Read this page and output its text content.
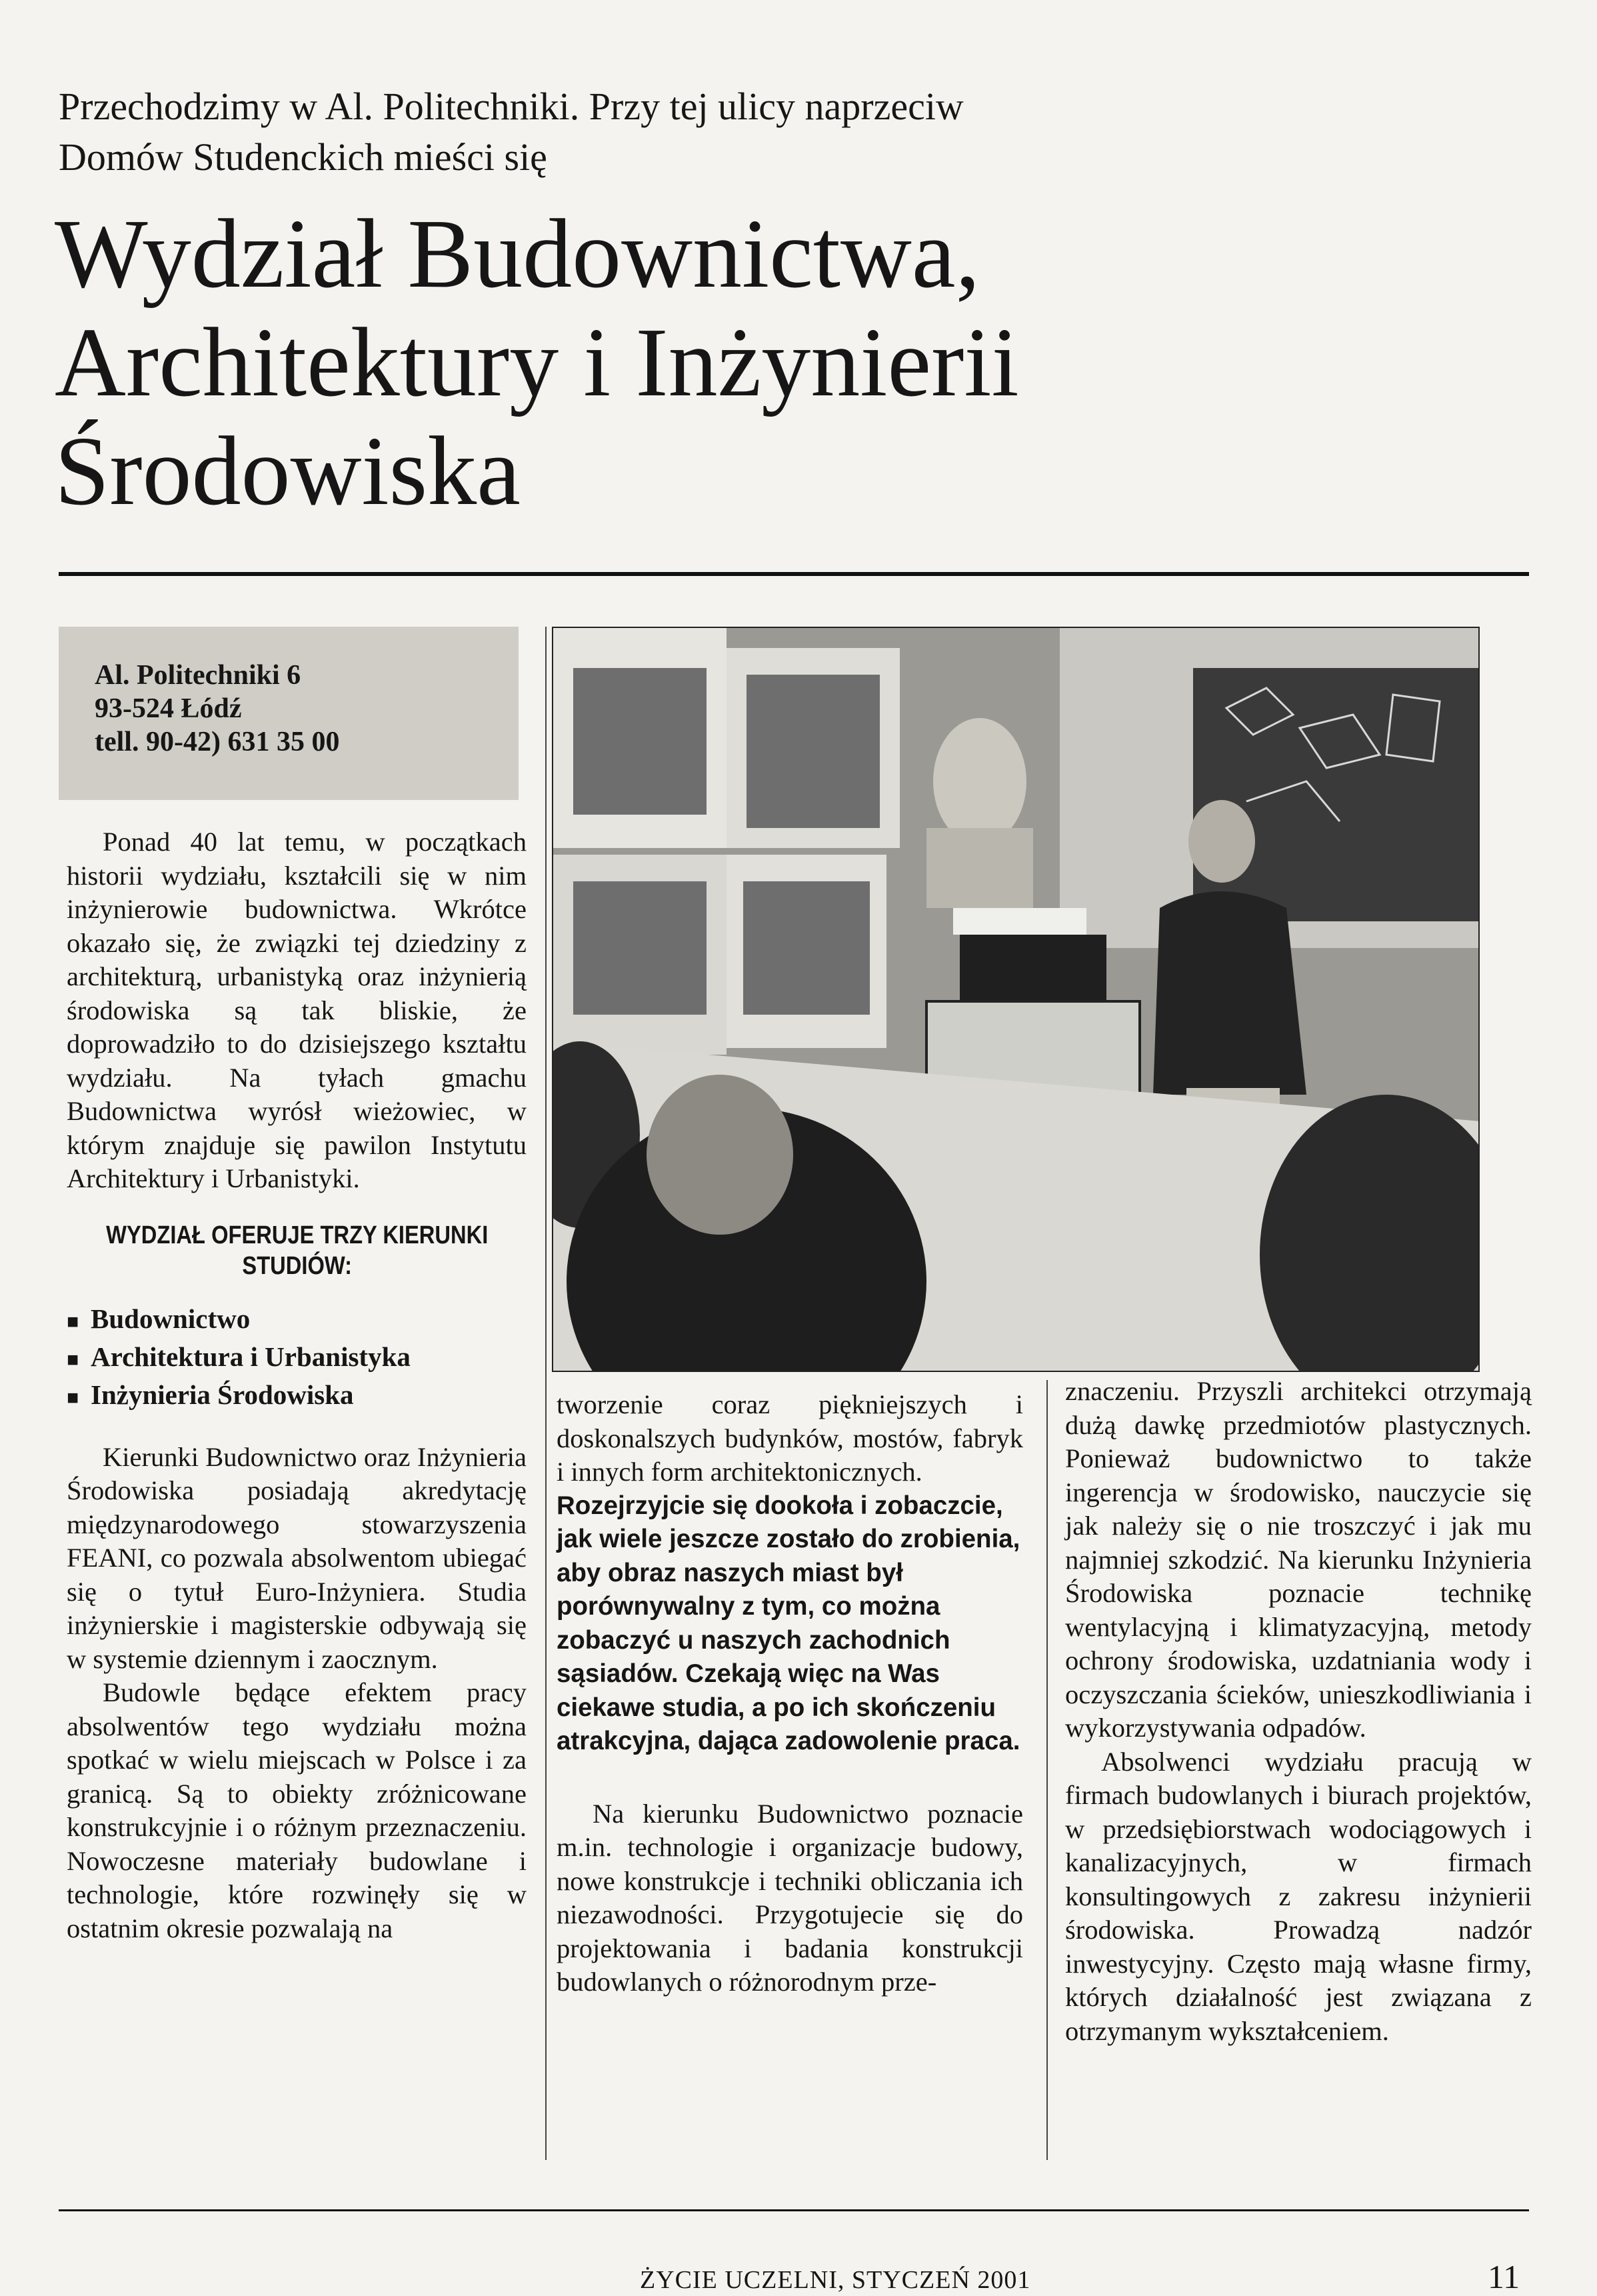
Przechodzimy w Al. Politechniki. Przy tej ulicy naprzeciw
Domów Studenckich mieści się
Wydział Budownictwa,
Architektury i Inżynierii
Środowiska
Al. Politechniki 6
93-524 Łódź
tell. 90-42) 631 35 00

Ponad 40 lat temu, w początkach historii wydziału, kształcili się w nim inżynierowie budownictwa. Wkrótce okazało się, że związki tej dziedziny z architekturą, urbanistyką oraz inżynierią środowiska są tak bliskie, że doprowadziło to do dzisiejszego kształtu wydziału. Na tyłach gmachu Budownictwa wyrósł wieżowiec, w którym znajduje się pawilon Instytutu Architektury i Urbanistyki.

WYDZIAŁ OFERUJE TRZY KIERUNKI STUDIÓW:
■ Budownictwo
■ Architektura i Urbanistyka
■ Inżynieria Środowiska

Kierunki Budownictwo oraz Inżynieria Środowiska posiadają akredytację międzynarodowego stowarzyszenia FEANI, co pozwala absolwentom ubiegać się o tytuł Euro-Inżyniera. Studia inżynierskie i magisterskie odbywają się w systemie dziennym i zaocznym.

Budowle będące efektem pracy absolwentów tego wydziału można spotkać w wielu miejscach w Polsce i za granicą. Są to obiekty zróżnicowane konstrukcyjnie i o różnym przeznaczeniu. Nowoczesne materiały budowlane i technologie, które rozwinęły się w ostatnim okresie pozwalają na

tworzenie coraz piękniejszych i doskonalszych budynków, mostów, fabryk i innych form architektonicznych.

Rozejrzyjcie się dookoła i zobaczcie, jak wiele jeszcze zostało do zrobienia, aby obraz naszych miast był porównywalny z tym, co można zobaczyć u naszych zachodnich sąsiadów. Czekają więc na Was ciekawe studia, a po ich skończeniu atrakcyjna, dająca zadowolenie praca.

Na kierunku Budownictwo poznacie m.in. technologie i organizacje budowy, nowe konstrukcje i techniki obliczania ich niezawodności. Przygotujecie się do projektowania i badania konstrukcji budowlanych o różnorodnym prze-

znaczeniu. Przyszli architekci otrzymają dużą dawkę przedmiotów plastycznych. Ponieważ budownictwo to także ingerencja w środowisko, nauczycie się jak należy się o nie troszczyć i jak mu najmniej szkodzić. Na kierunku Inżynieria Środowiska poznacie technikę wentylacyjną i klimatyzacyjną, metody ochrony środowiska, uzdatniania wody i oczyszczania ścieków, unieszkodliwiania i wykorzystywania odpadów.

Absolwenci wydziału pracują w firmach budowlanych i biurach projektów, w przedsiębiorstwach wodociągowych i kanalizacyjnych, w firmach konsultingowych z zakresu inżynierii środowiska. Prowadzą nadzór inwestycyjny. Często mają własne firmy, których działalność jest związana z otrzymanym wykształceniem.

ŻYCIE UCZELNI, STYCZEŃ 2001	11
